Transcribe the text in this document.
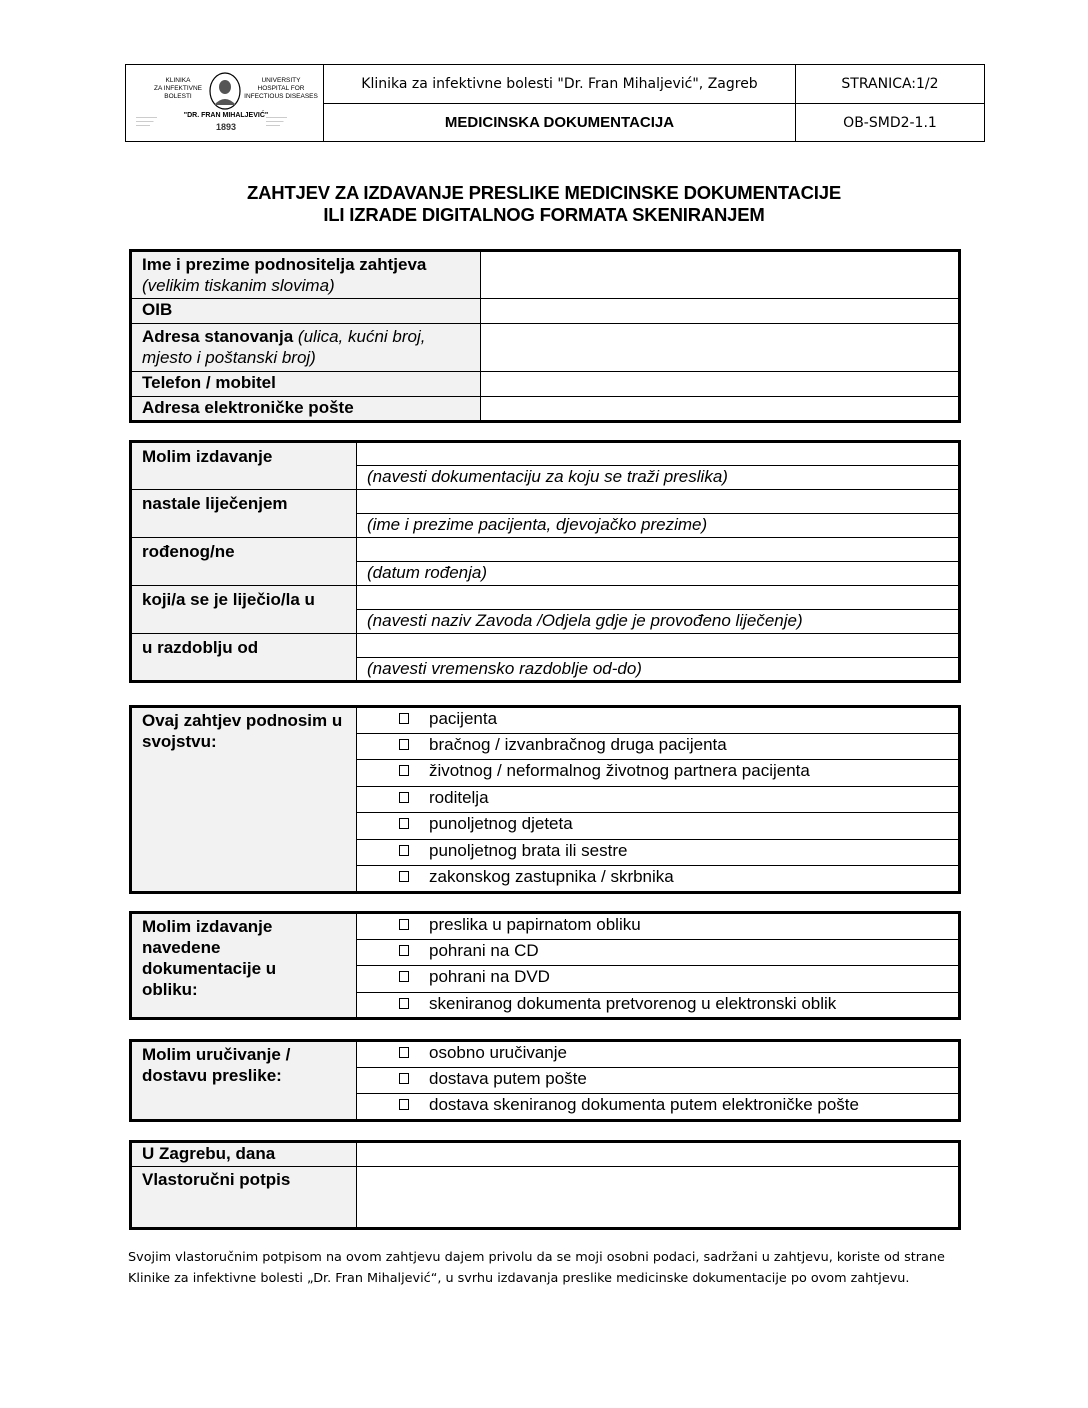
KLINIKA
ZA INFEKTIVNE
BOLESTI
UNIVERSITY
HOSPITAL FOR
INFECTIOUS DISEASES
"DR. FRAN MIHALJEVIĆ"
——————
—————
————
——————
—————
————
1893
Klinika za infektivne bolesti "Dr. Fran Mihaljević", Zagreb	STRANICA:1/2
MEDICINSKA DOKUMENTACIJA	OB-SMD2-1.1
ZAHTJEV ZA IZDAVANJE PRESLIKE MEDICINSKE DOKUMENTACIJE
ILI IZRADE DIGITALNOG FORMATA SKENIRANJEM
Ime i prezime podnositelja zahtjeva
(velikim tiskanim slovima)	
OIB	
Adresa stanovanja (ulica, kućni broj, mjesto i poštanski broj)	
Telefon / mobitel	
Adresa elektroničke pošte	
Molim izdavanje	
	(navesti dokumentaciju za koju se traži preslika)
nastale liječenjem	
	(ime i prezime pacijenta, djevojačko prezime)
rođenog/ne	
	(datum rođenja)
koji/a se je liječio/la u	
	(navesti naziv Zavoda /Odjela gdje je provođeno liječenje)
u razdoblju od	
	(navesti vremensko razdoblje od-do)
Ovaj zahtjev podnosim u svojstvu:	
pacijenta

bračnog / izvanbračnog druga pacijenta

životnog / neformalnog životnog partnera pacijenta

roditelja

punoljetnog djeteta

punoljetnog brata ili sestre

zakonskog zastupnika / skrbnika
Molim izdavanje navedene dokumentacije u obliku:	
preslika u papirnatom obliku

pohrani na CD

pohrani na DVD

skeniranog dokumenta pretvorenog u elektronski oblik
Molim uručivanje / dostavu preslike:	
osobno uručivanje

dostava putem pošte

dostava skeniranog dokumenta putem elektroničke pošte
U Zagrebu, dana	
Vlastoručni potpis	
Svojim vlastoručnim potpisom na ovom zahtjevu dajem privolu da se moji osobni podaci, sadržani u zahtjevu, koriste od strane Klinike za infektivne bolesti „Dr. Fran Mihaljević“, u svrhu izdavanja preslike medicinske dokumentacije po ovom zahtjevu.
